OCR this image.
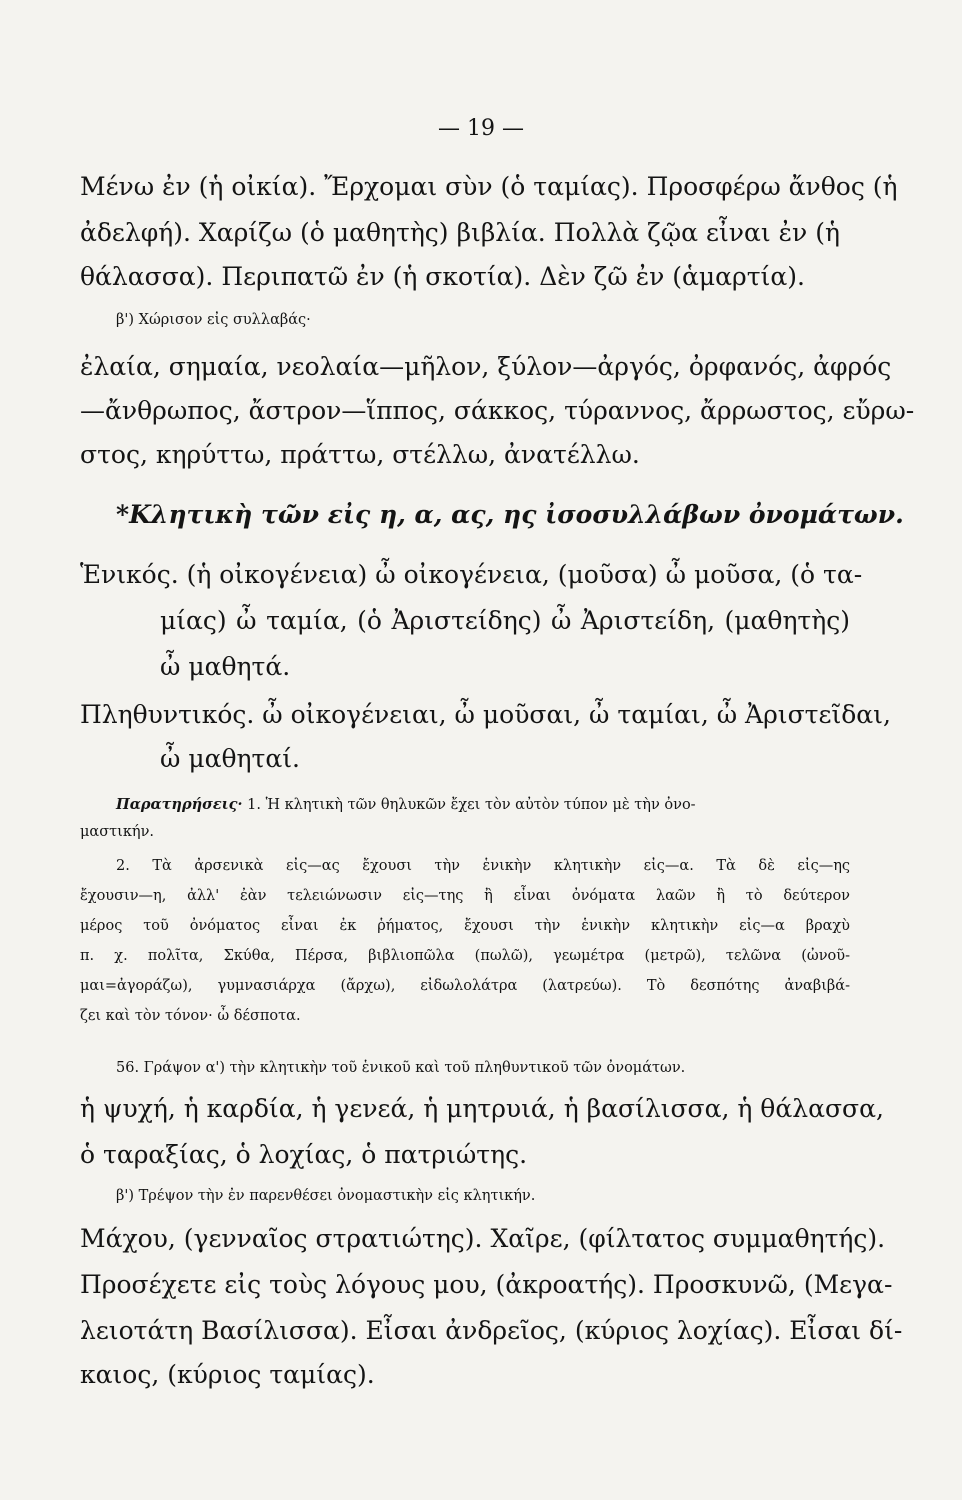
— 19 —
Μένω ἐν (ἡ οἰκία). Ἔρχομαι σὺν (ὁ ταμίας). Προσφέρω ἄνθος (ἡ
ἀδελφή). Χαρίζω (ὁ μαθητὴς) βιβλία. Πολλὰ ζῷα εἶναι ἐν (ἡ
θάλασσα). Περιπατῶ ἐν (ἡ σκοτία). Δὲν ζῶ ἐν (ἁμαρτία).
β') Χώρισον εἰς συλλαβάς·
ἐλαία, σημαία, νεολαία—μῆλον, ξύλον—ἀργός, ὀρφανός, ἀφρός
—ἄνθρωπος, ἄστρον—ἵππος, σάκκος, τύραννος, ἄρρωστος, εὔρω-
στος, κηρύττω, πράττω, στέλλω, ἀνατέλλω.
*Κλητικὴ τῶν εἰς η, α, ας, ης ἰσοσυλλάβων ὀνομάτων.
Ἑνικός. (ἡ οἰκογένεια) ὦ οἰκογένεια, (μοῦσα) ὦ μοῦσα, (ὁ τα-
μίας) ὦ ταμία, (ὁ Ἀριστείδης) ὦ Ἀριστείδη, (μαθητὴς)
ὦ μαθητά.
Πληθυντικός. ὦ οἰκογένειαι, ὦ μοῦσαι, ὦ ταμίαι, ὦ Ἀριστεῖδαι,
ὦ μαθηταί.
Παρατηρήσεις· 1. Ἡ κλητικὴ τῶν θηλυκῶν ἔχει τὸν αὐτὸν τύπον μὲ τὴν ὀνο-
μαστικήν.
2. Τὰ ἀρσενικὰ εἰς—ας ἔχουσι τὴν ἑνικὴν κλητικὴν εἰς—α. Τὰ δὲ εἰς—ης
ἔχουσιν—η, ἀλλ' ἐὰν τελειώνωσιν εἰς—της ἢ εἶναι ὀνόματα λαῶν ἢ τὸ δεύτερον
μέρος τοῦ ὀνόματος εἶναι ἐκ ῥήματος, ἔχουσι τὴν ἑνικὴν κλητικὴν εἰς—α βραχὺ
π. χ. πολῖτα, Σκύθα, Πέρσα, βιβλιοπῶλα (πωλῶ), γεωμέτρα (μετρῶ), τελῶνα (ὠνοῦ-
μαι=ἀγοράζω), γυμνασιάρχα (ἄρχω), εἰδωλολάτρα (λατρεύω). Τὸ δεσπότης ἀναβιβά-
ζει καὶ τὸν τόνον· ὦ δέσποτα.
56. Γράψον α') τὴν κλητικὴν τοῦ ἑνικοῦ καὶ τοῦ πληθυντικοῦ τῶν ὀνομάτων.
ἡ ψυχή, ἡ καρδία, ἡ γενεά, ἡ μητρυιά, ἡ βασίλισσα, ἡ θάλασσα,
ὁ ταραξίας, ὁ λοχίας, ὁ πατριώτης.
β') Τρέψον τὴν ἐν παρενθέσει ὀνομαστικὴν εἰς κλητικήν.
Μάχου, (γενναῖος στρατιώτης). Χαῖρε, (φίλτατος συμμαθητής).
Προσέχετε εἰς τοὺς λόγους μου, (ἀκροατής). Προσκυνῶ, (Μεγα-
λειοτάτη Βασίλισσα). Εἶσαι ἀνδρεῖος, (κύριος λοχίας). Εἶσαι δί-
καιος, (κύριος ταμίας).
